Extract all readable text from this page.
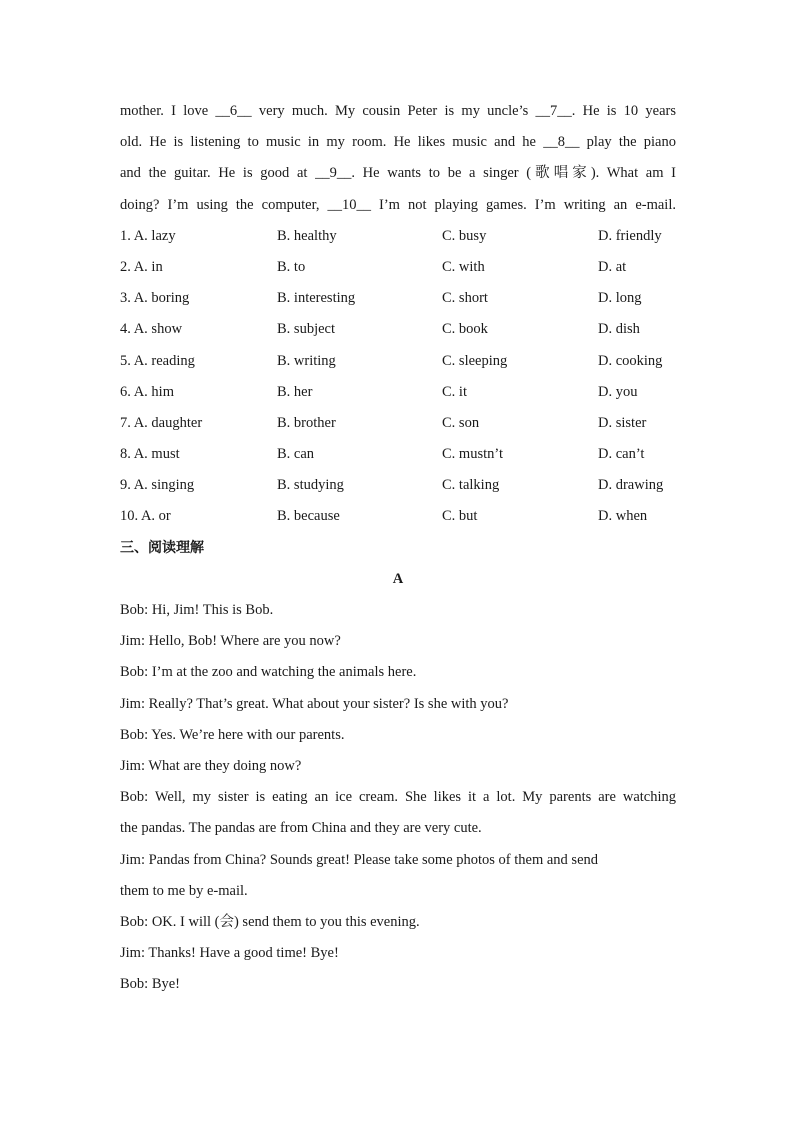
mother. I love __6__ very much. My cousin Peter is my uncle’s __7__. He is 10 years
old. He is listening to music in my room. He likes music and he __8__ play the piano
and the guitar. He is good at __9__. He wants to be a singer (歌唱家). What am I
doing? I’m using the computer, __10__ I’m not playing games. I’m writing an e-mail.
1. A. lazy	B. healthy	C. busy	D. friendly
2. A. in	B. to	C. with	D. at
3. A. boring	B. interesting	C. short	D. long
4. A. show	B. subject	C. book	D. dish
5. A. reading	B. writing	C. sleeping	D. cooking
6. A. him	B. her	C. it	D. you
7. A. daughter	B. brother	C. son	D. sister
8. A. must	B. can	C. mustn’t	D. can’t
9. A. singing	B. studying	C. talking	D. drawing
10. A. or	B. because	C. but	D. when
三、阅读理解
A
Bob: Hi, Jim! This is Bob.
Jim: Hello, Bob! Where are you now?
Bob: I’m at the zoo and watching the animals here.
Jim: Really? That’s great. What about your sister? Is she with you?
Bob: Yes. We’re here with our parents.
Jim: What are they doing now?
Bob: Well, my sister is eating an ice cream. She likes it a lot. My parents are watching
the pandas. The pandas are from China and they are very cute.
Jim: Pandas from China? Sounds great! Please take some photos of them and send
them to me by e-mail.
Bob: OK. I will (会) send them to you this evening.
Jim: Thanks! Have a good time! Bye!
Bob: Bye!
